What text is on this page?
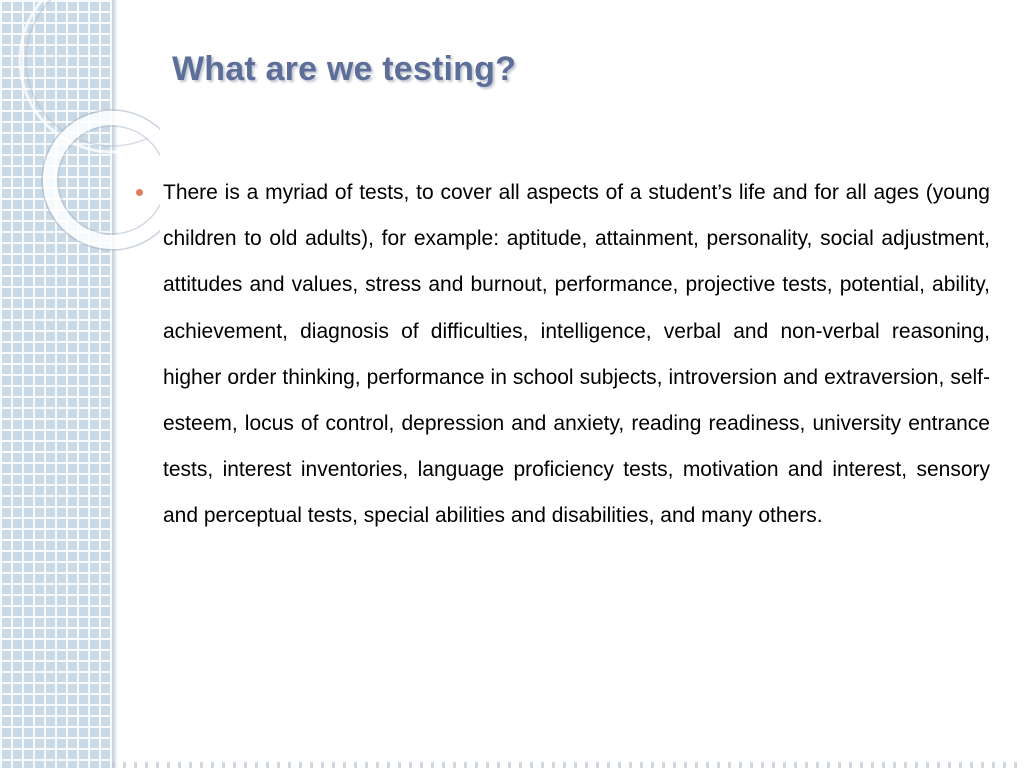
What are we testing?

There is a myriad of tests, to cover all aspects of a student’s life and for all ages (young children to old adults), for example: aptitude, attainment, personality, social adjustment, attitudes and values, stress and burnout, performance, projective tests, potential, ability, achievement, diagnosis of difficulties, intelligence, verbal and non-verbal reasoning, higher order thinking, performance in school subjects, introversion and extraversion, self-esteem, locus of control, depression and anxiety, reading readiness, university entrance tests, interest inventories, language proficiency tests, motivation and interest, sensory and perceptual tests, special abilities and disabilities, and many others.
